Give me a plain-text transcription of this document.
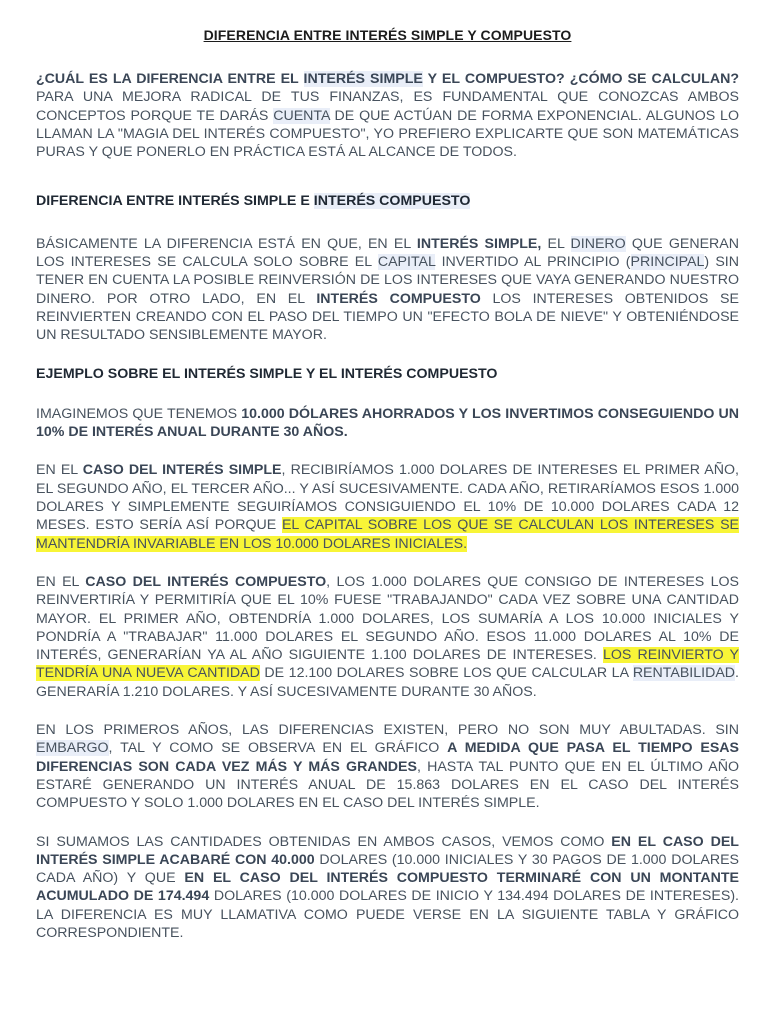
DIFERENCIA ENTRE INTERÉS SIMPLE Y COMPUESTO

¿CUÁL ES LA DIFERENCIA ENTRE EL INTERÉS SIMPLE Y EL COMPUESTO? ¿CÓMO SE CALCULAN? PARA UNA MEJORA RADICAL DE TUS FINANZAS, ES FUNDAMENTAL QUE CONOZCAS AMBOS CONCEPTOS PORQUE TE DARÁS CUENTA DE QUE ACTÚAN DE FORMA EXPONENCIAL. ALGUNOS LO LLAMAN LA "MAGIA DEL INTERÉS COMPUESTO", YO PREFIERO EXPLICARTE QUE SON MATEMÁTICAS PURAS Y QUE PONERLO EN PRÁCTICA ESTÁ AL ALCANCE DE TODOS.

DIFERENCIA ENTRE INTERÉS SIMPLE E INTERÉS COMPUESTO

BÁSICAMENTE LA DIFERENCIA ESTÁ EN QUE, EN EL INTERÉS SIMPLE, EL DINERO QUE GENERAN LOS INTERESES SE CALCULA SOLO SOBRE EL CAPITAL INVERTIDO AL PRINCIPIO (PRINCIPAL) SIN TENER EN CUENTA LA POSIBLE REINVERSIÓN DE LOS INTERESES QUE VAYA GENERANDO NUESTRO DINERO. POR OTRO LADO, EN EL INTERÉS COMPUESTO LOS INTERESES OBTENIDOS SE REINVIERTEN CREANDO CON EL PASO DEL TIEMPO UN "EFECTO BOLA DE NIEVE" Y OBTENIÉNDOSE UN RESULTADO SENSIBLEMENTE MAYOR.

EJEMPLO SOBRE EL INTERÉS SIMPLE Y EL INTERÉS COMPUESTO

IMAGINEMOS QUE TENEMOS 10.000 DÓLARES AHORRADOS Y LOS INVERTIMOS CONSEGUIENDO UN 10% DE INTERÉS ANUAL DURANTE 30 AÑOS.

EN EL CASO DEL INTERÉS SIMPLE, RECIBIRÍAMOS 1.000 DOLARES DE INTERESES EL PRIMER AÑO, EL SEGUNDO AÑO, EL TERCER AÑO... Y ASÍ SUCESIVAMENTE. CADA AÑO, RETIRARÍAMOS ESOS 1.000 DOLARES Y SIMPLEMENTE SEGUIRÍAMOS CONSIGUIENDO EL 10% DE 10.000 DOLARES CADA 12 MESES. ESTO SERÍA ASÍ PORQUE EL CAPITAL SOBRE LOS QUE SE CALCULAN LOS INTERESES SE MANTENDRÍA INVARIABLE EN LOS 10.000 DOLARES INICIALES.

EN EL CASO DEL INTERÉS COMPUESTO, LOS 1.000 DOLARES QUE CONSIGO DE INTERESES LOS REINVERTIRÍA Y PERMITIRÍA QUE EL 10% FUESE "TRABAJANDO" CADA VEZ SOBRE UNA CANTIDAD MAYOR. EL PRIMER AÑO, OBTENDRÍA 1.000 DOLARES, LOS SUMARÍA A LOS 10.000 INICIALES Y PONDRÍA A "TRABAJAR" 11.000 DOLARES EL SEGUNDO AÑO. ESOS 11.000 DOLARES AL 10% DE INTERÉS, GENERARÍAN YA AL AÑO SIGUIENTE 1.100 DOLARES DE INTERESES. LOS REINVIERTO Y TENDRÍA UNA NUEVA CANTIDAD DE 12.100 DOLARES SOBRE LOS QUE CALCULAR LA RENTABILIDAD. GENERARÍA 1.210 DOLARES. Y ASÍ SUCESIVAMENTE DURANTE 30 AÑOS.

EN LOS PRIMEROS AÑOS, LAS DIFERENCIAS EXISTEN, PERO NO SON MUY ABULTADAS. SIN EMBARGO, TAL Y COMO SE OBSERVA EN EL GRÁFICO A MEDIDA QUE PASA EL TIEMPO ESAS DIFERENCIAS SON CADA VEZ MÁS Y MÁS GRANDES, HASTA TAL PUNTO QUE EN EL ÚLTIMO AÑO ESTARÉ GENERANDO UN INTERÉS ANUAL DE 15.863 DOLARES EN EL CASO DEL INTERÉS COMPUESTO Y SOLO 1.000 DOLARES EN EL CASO DEL INTERÉS SIMPLE.

SI SUMAMOS LAS CANTIDADES OBTENIDAS EN AMBOS CASOS, VEMOS COMO EN EL CASO DEL INTERÉS SIMPLE ACABARÉ CON 40.000 DOLARES (10.000 INICIALES Y 30 PAGOS DE 1.000 DOLARES CADA AÑO) Y QUE EN EL CASO DEL INTERÉS COMPUESTO TERMINARÉ CON UN MONTANTE ACUMULADO DE 174.494 DOLARES (10.000 DOLARES DE INICIO Y 134.494 DOLARES DE INTERESES). LA DIFERENCIA ES MUY LLAMATIVA COMO PUEDE VERSE EN LA SIGUIENTE TABLA Y GRÁFICO CORRESPONDIENTE.
